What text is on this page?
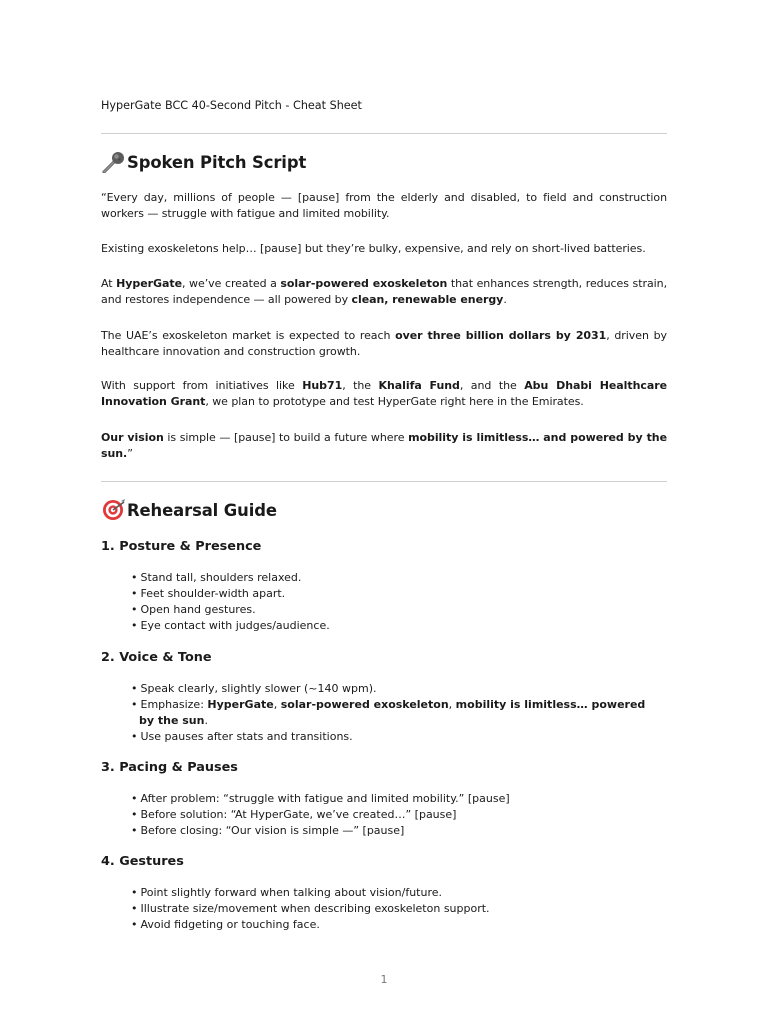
HyperGate BCC 40-Second Pitch - Cheat Sheet
Spoken Pitch Script

“Every day, millions of people — [pause] from the elderly and disabled, to field and construction workers — struggle with fatigue and limited mobility.

Existing exoskeletons help… [pause] but they’re bulky, expensive, and rely on short-lived batteries.

At HyperGate, we’ve created a solar-powered exoskeleton that enhances strength, reduces strain, and restores independence — all powered by clean, renewable energy.

The UAE’s exoskeleton market is expected to reach over three billion dollars by 2031, driven by healthcare innovation and construction growth.

With support from initiatives like Hub71, the Khalifa Fund, and the Abu Dhabi Healthcare Innovation Grant, we plan to prototype and test HyperGate right here in the Emirates.

Our vision is simple — [pause] to build a future where mobility is limitless… and powered by the sun.”

Rehearsal Guide
1. Posture & Presence
• Stand tall, shoulders relaxed.
• Feet shoulder-width apart.
• Open hand gestures.
• Eye contact with judges/audience.
2. Voice & Tone
• Speak clearly, slightly slower (~140 wpm).
• Emphasize: HyperGate, solar-powered exoskeleton, mobility is limitless… powered by the sun.
• Use pauses after stats and transitions.
3. Pacing & Pauses
• After problem: “struggle with fatigue and limited mobility.” [pause]
• Before solution: “At HyperGate, we’ve created…” [pause]
• Before closing: “Our vision is simple —” [pause]
4. Gestures
• Point slightly forward when talking about vision/future.
• Illustrate size/movement when describing exoskeleton support.
• Avoid fidgeting or touching face.
1
